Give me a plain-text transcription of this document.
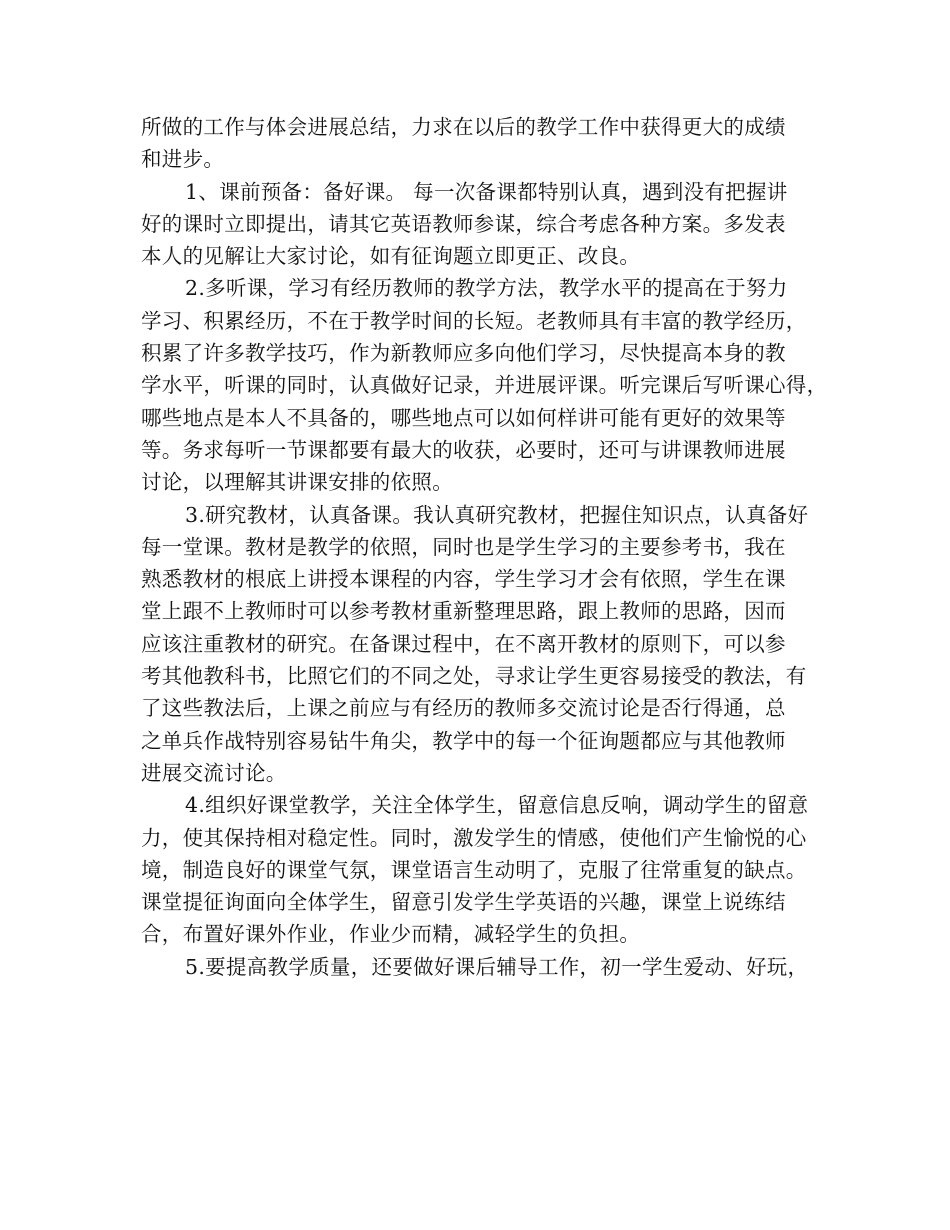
所做的工作与体会进展总结，力求在以后的教学工作中获得更大的成绩
和进步。
1、课前预备：备好课。 每一次备课都特别认真，遇到没有把握讲
好的课时立即提出，请其它英语教师参谋，综合考虑各种方案。多发表
本人的见解让大家讨论，如有征询题立即更正、改良。
2.多听课，学习有经历教师的教学方法，教学水平的提高在于努力
学习、积累经历，不在于教学时间的长短。老教师具有丰富的教学经历，
积累了许多教学技巧，作为新教师应多向他们学习，尽快提高本身的教
学水平，听课的同时，认真做好记录，并进展评课。听完课后写听课心得，
哪些地点是本人不具备的，哪些地点可以如何样讲可能有更好的效果等
等。务求每听一节课都要有最大的收获，必要时，还可与讲课教师进展
讨论，以理解其讲课安排的依照。
3.研究教材，认真备课。我认真研究教材，把握住知识点，认真备好
每一堂课。教材是教学的依照，同时也是学生学习的主要参考书，我在
熟悉教材的根底上讲授本课程的内容，学生学习才会有依照，学生在课
堂上跟不上教师时可以参考教材重新整理思路，跟上教师的思路，因而
应该注重教材的研究。在备课过程中，在不离开教材的原则下，可以参
考其他教科书，比照它们的不同之处，寻求让学生更容易接受的教法，有
了这些教法后，上课之前应与有经历的教师多交流讨论是否行得通，总
之单兵作战特别容易钻牛角尖，教学中的每一个征询题都应与其他教师
进展交流讨论。
4.组织好课堂教学，关注全体学生，留意信息反响，调动学生的留意
力，使其保持相对稳定性。同时，激发学生的情感，使他们产生愉悦的心
境，制造良好的课堂气氛，课堂语言生动明了，克服了往常重复的缺点。
课堂提征询面向全体学生，留意引发学生学英语的兴趣，课堂上说练结
合，布置好课外作业，作业少而精，减轻学生的负担。
5.要提高教学质量，还要做好课后辅导工作，初一学生爱动、好玩，
